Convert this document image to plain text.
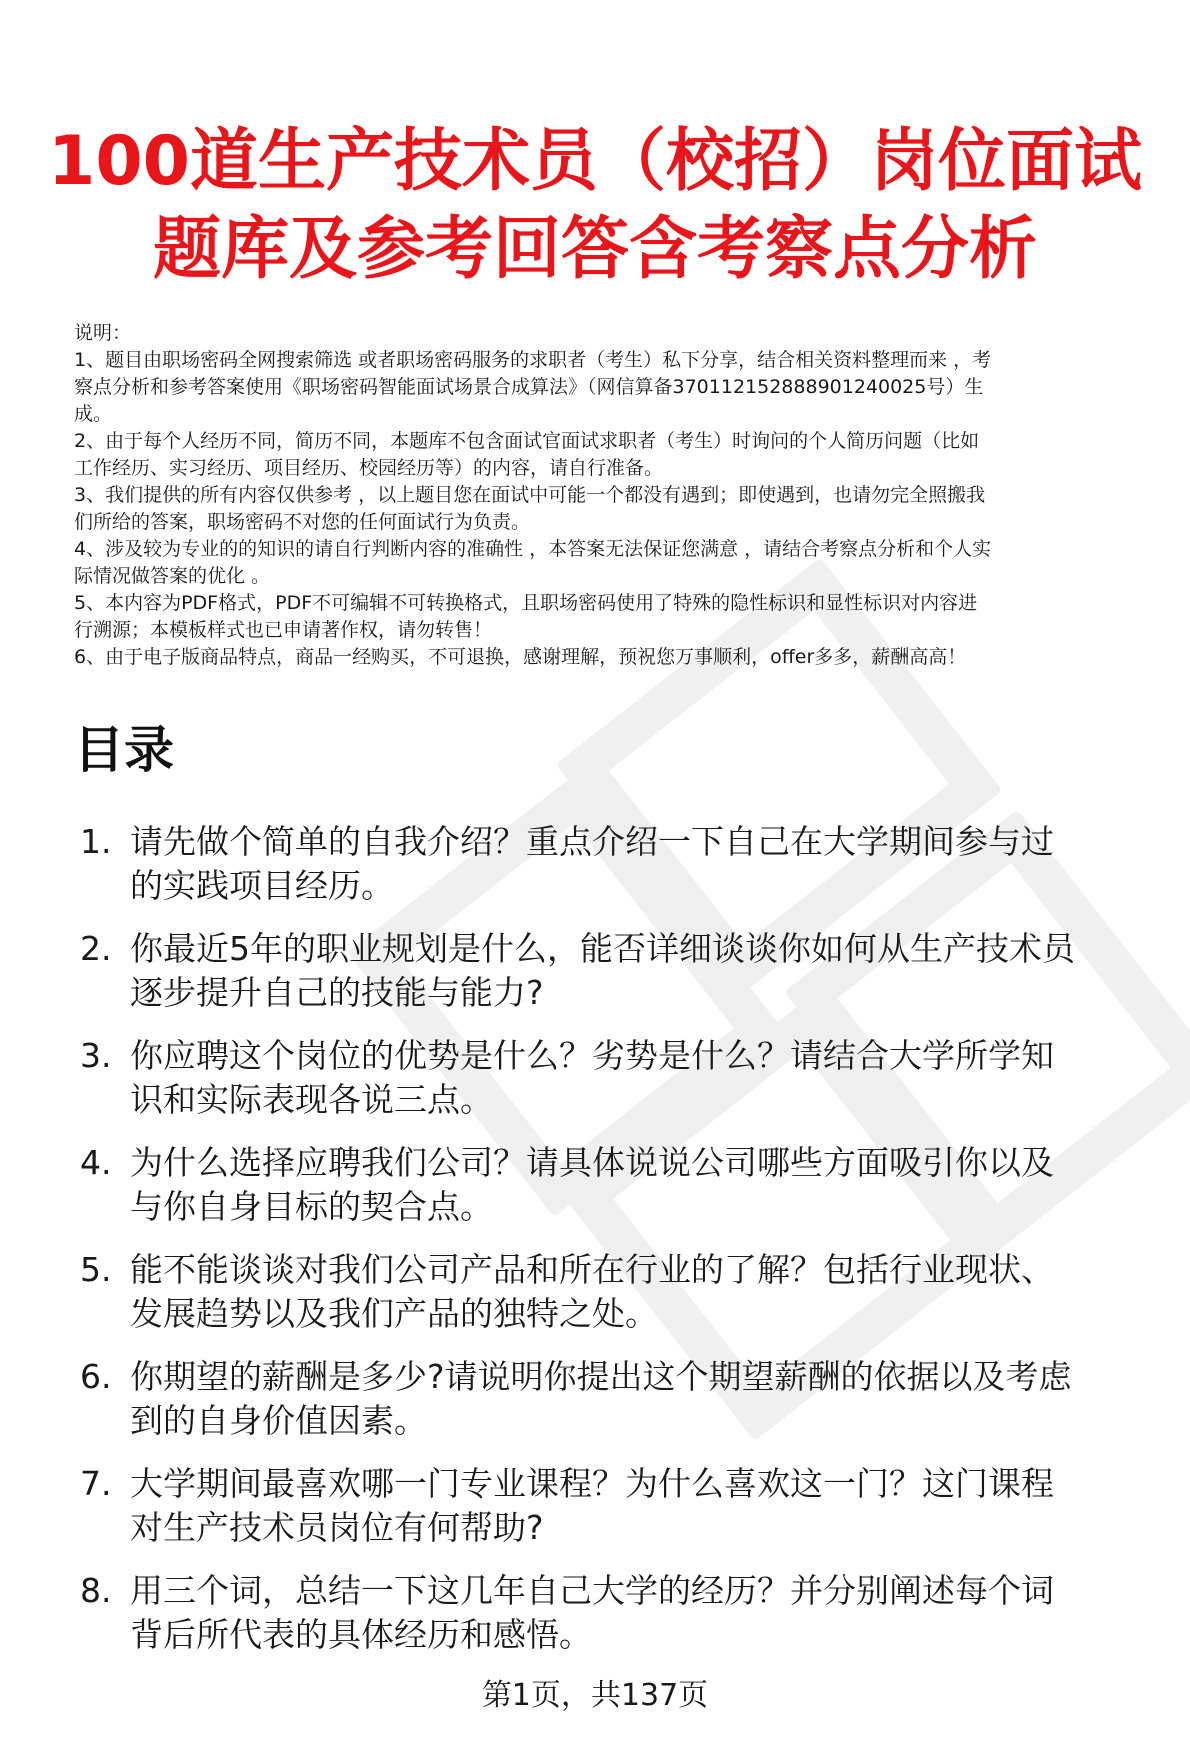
100道生产技术员（校招）岗位面试
题库及参考回答含考察点分析
说明：
1、题目由职场密码全网搜索筛选 或者职场密码服务的求职者（考生）私下分享，结合相关资料整理而来 ，考
察点分析和参考答案使用《职场密码智能面试场景合成算法》（网信算备370112152888901240025号）生
成。
2、由于每个人经历不同，简历不同，本题库不包含面试官面试求职者（考生）时询问的个人简历问题（比如
工作经历、实习经历、项目经历、校园经历等）的内容，请自行准备。
3、我们提供的所有内容仅供参考 ，以上题目您在面试中可能一个都没有遇到；即使遇到，也请勿完全照搬我
们所给的答案，职场密码不对您的任何面试行为负责。
4、涉及较为专业的的知识的请自行判断内容的准确性 ，本答案无法保证您满意 ，请结合考察点分析和个人实
际情况做答案的优化 。
5、本内容为PDF格式，PDF不可编辑不可转换格式，且职场密码使用了特殊的隐性标识和显性标识对内容进
行溯源；本模板样式也已申请著作权，请勿转售！
6、由于电子版商品特点，商品一经购买，不可退换，感谢理解，预祝您万事顺利，offer多多，薪酬高高！
目录
1. 请先做个简单的自我介绍？重点介绍一下自己在大学期间参与过
的实践项目经历。
2. 你最近5年的职业规划是什么，能否详细谈谈你如何从生产技术员
逐步提升自己的技能与能力?
3. 你应聘这个岗位的优势是什么？劣势是什么？请结合大学所学知
识和实际表现各说三点。
4. 为什么选择应聘我们公司？请具体说说公司哪些方面吸引你以及
与你自身目标的契合点。
5. 能不能谈谈对我们公司产品和所在行业的了解？包括行业现状、
发展趋势以及我们产品的独特之处。
6. 你期望的薪酬是多少?请说明你提出这个期望薪酬的依据以及考虑
到的自身价值因素。
7. 大学期间最喜欢哪一门专业课程？为什么喜欢这一门？这门课程
对生产技术员岗位有何帮助?
8. 用三个词，总结一下这几年自己大学的经历？并分别阐述每个词
背后所代表的具体经历和感悟。
第1页，共137页
